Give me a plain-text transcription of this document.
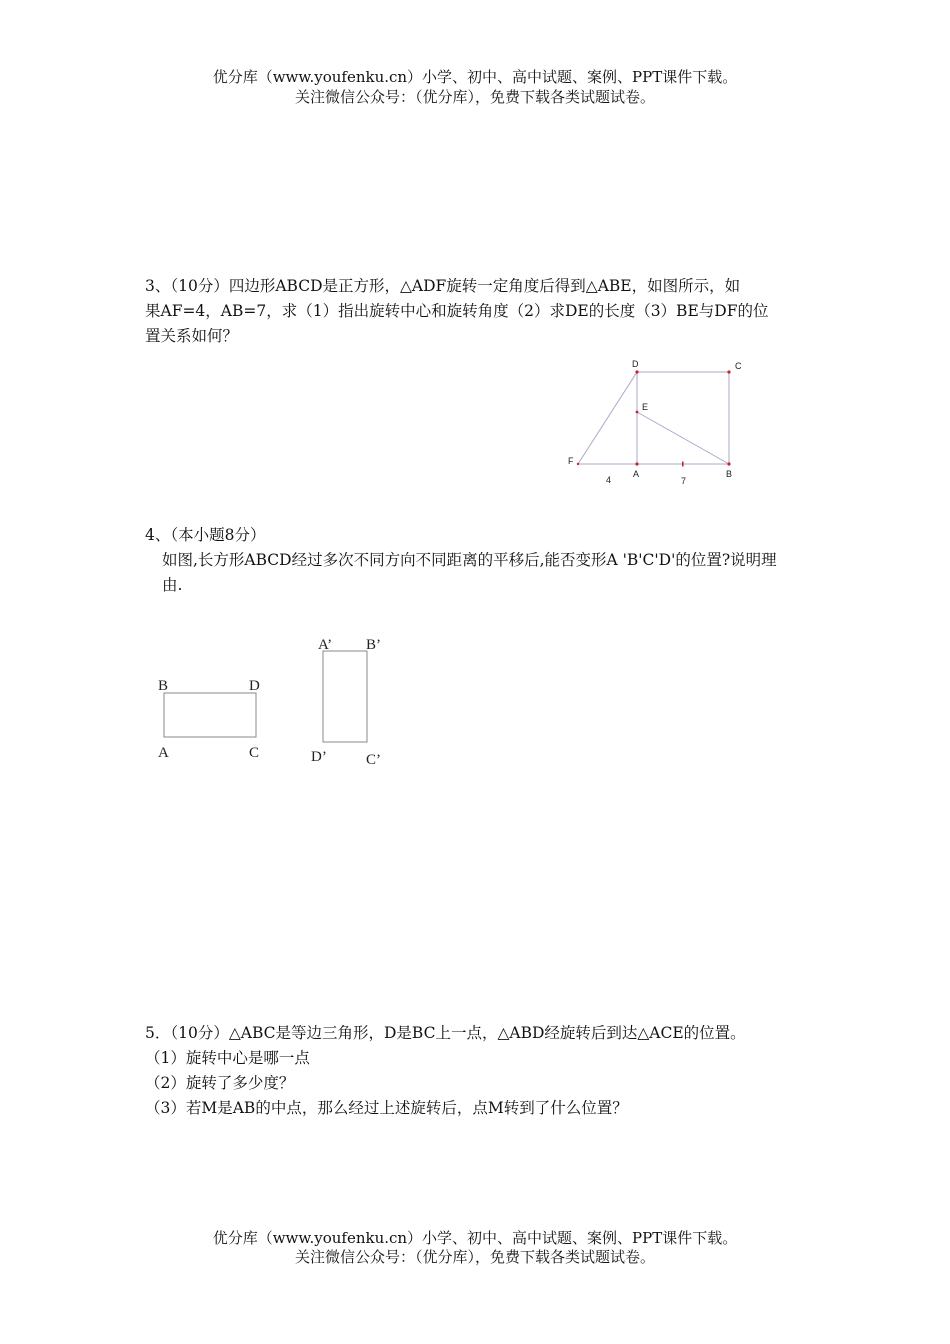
优分库（www.youfenku.cn）小学、初中、高中试题、案例、PPT课件下载。
关注微信公众号：（优分库），免费下载各类试题试卷。
3、（10分）四边形ABCD是正方形，△ADF旋转一定角度后得到△ABE，如图所示，如
果AF=4，AB=7，求（1）指出旋转中心和旋转角度（2）求DE的长度（3）BE与DF的位
置关系如何？
D	C
E
F
A	B
4	7
4、（本小题8分）
如图,长方形ABCD经过多次不同方向不同距离的平移后,能否变形A 'B'C'D'的位置?说明理
由.
B	D
A	C
A’ B’
D’	C’
5．（10分）△ABC是等边三角形，D是BC上一点，△ABD经旋转后到达△ACE的位置。
（1）旋转中心是哪一点
（2）旋转了多少度？
（3）若M是AB的中点，那么经过上述旋转后，点M转到了什么位置？
优分库（www.youfenku.cn）小学、初中、高中试题、案例、PPT课件下载。
关注微信公众号：（优分库），免费下载各类试题试卷。
